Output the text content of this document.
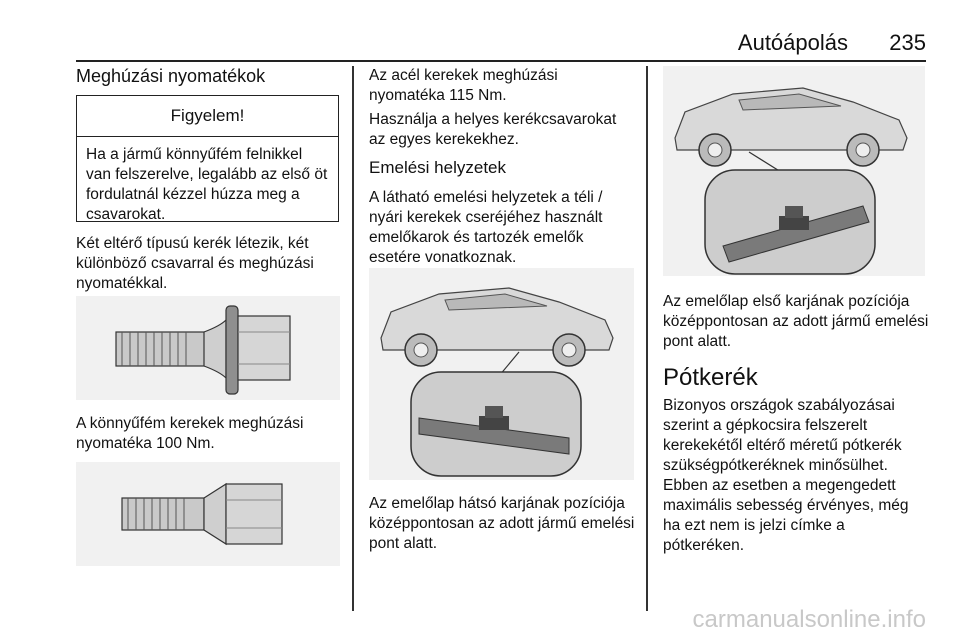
Autóápolás 235
Meghúzási nyomatékok
Figyelem!
Ha a jármű könnyűfém felnikkel van felszerelve, legalább az első öt fordulatnál kézzel húzza meg a csavarokat.
Két eltérő típusú kerék létezik, két különböző csavarral és meghúzási nyomatékkal.
A könnyűfém kerekek meghúzási nyomatéka 100 Nm.
Az acél kerekek meghúzási nyomatéka 115 Nm.
Használja a helyes kerékcsavarokat az egyes kerekekhez.
Emelési helyzetek
A látható emelési helyzetek a téli / nyári kerekek cseréjéhez használt emelőkarok és tartozék emelők esetére vonatkoznak.
Az emelőlap hátsó karjának pozíciója középpontosan az adott jármű emelési pont alatt.
Az emelőlap első karjának pozíciója középpontosan az adott jármű emelési pont alatt.
Pótkerék
Bizonyos országok szabályozásai szerint a gépkocsira felszerelt kerekekétől eltérő méretű pótkerék szükségpótkeréknek minősülhet. Ebben az esetben a megengedett maximális sebesség érvényes, még ha ezt nem is jelzi címke a pótkeréken.
carmanualsonline.info
